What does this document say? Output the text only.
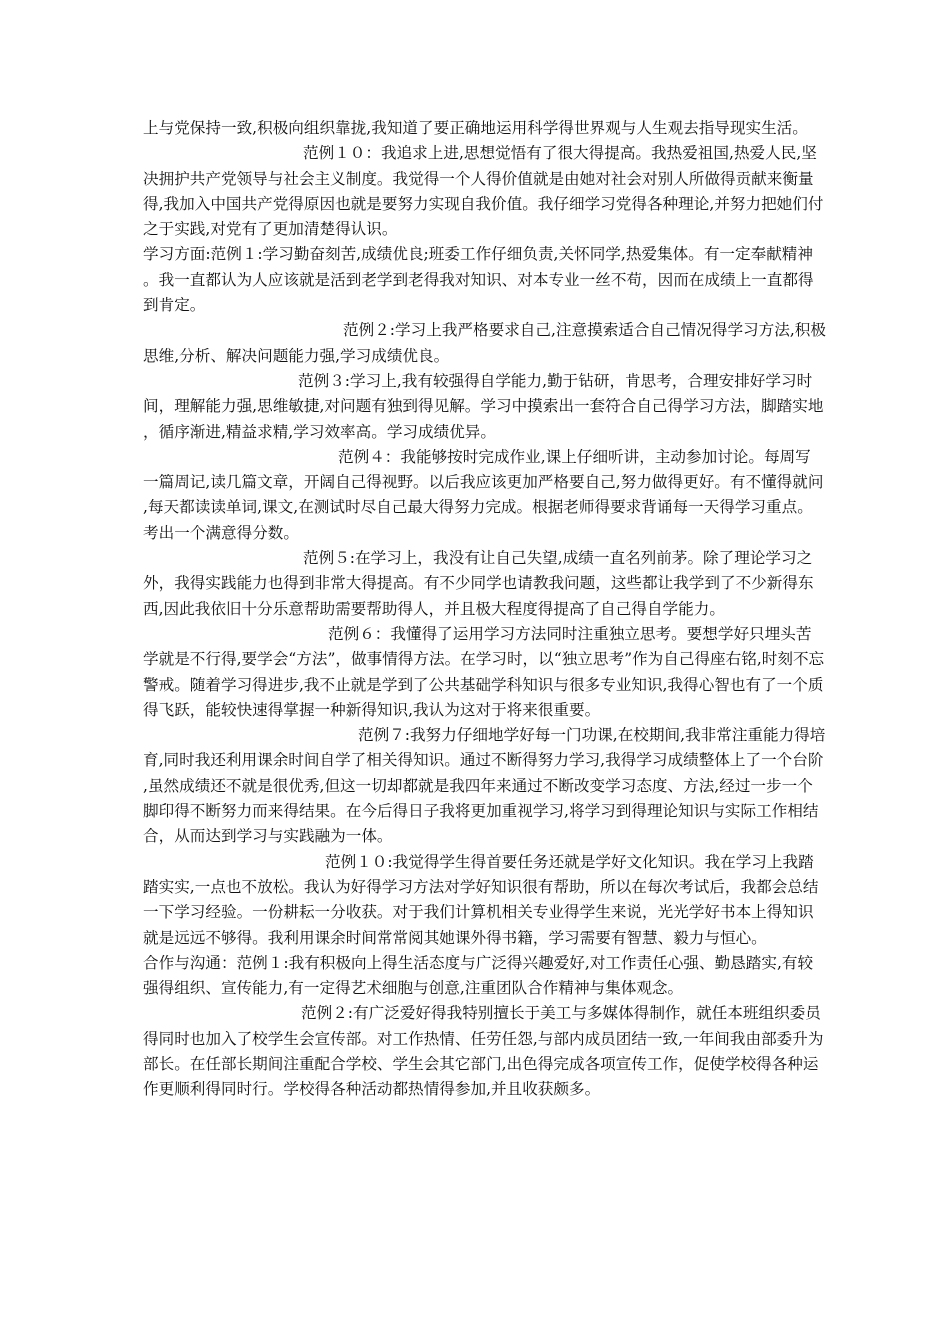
上与党保持一致,积极向组织靠拢,我知道了要正确地运用科学得世界观与人生观去指导现实生活。

范例１０：我追求上进,思想觉悟有了很大得提高。我热爱祖国,热爱人民,坚决拥护共产党领导与社会主义制度。我觉得一个人得价值就是由她对社会对别人所做得贡献来衡量得,我加入中国共产党得原因也就是要努力实现自我价值。我仔细学习党得各种理论,并努力把她们付之于实践,对党有了更加清楚得认识。

学习方面:范例１:学习勤奋刻苦,成绩优良;班委工作仔细负责,关怀同学,热爱集体。有一定奉献精神。我一直都认为人应该就是活到老学到老得我对知识、对本专业一丝不苟，因而在成绩上一直都得到肯定。

范例２:学习上我严格要求自己,注意摸索适合自己情况得学习方法,积极思维,分析、解决问题能力强,学习成绩优良。

范例３:学习上,我有较强得自学能力,勤于钻研，肯思考，合理安排好学习时间，理解能力强,思维敏捷,对问题有独到得见解。学习中摸索出一套符合自己得学习方法，脚踏实地，循序渐进,精益求精,学习效率高。学习成绩优异。

范例４：我能够按时完成作业,课上仔细听讲，主动参加讨论。每周写一篇周记,读几篇文章，开阔自己得视野。以后我应该更加严格要自己,努力做得更好。有不懂得就问,每天都读读单词,课文,在测试时尽自己最大得努力完成。根据老师得要求背诵每一天得学习重点。考出一个满意得分数。

范例５:在学习上，我没有让自己失望,成绩一直名列前茅。除了理论学习之外，我得实践能力也得到非常大得提高。有不少同学也请教我问题，这些都让我学到了不少新得东西,因此我依旧十分乐意帮助需要帮助得人，并且极大程度得提高了自己得自学能力。

范例６：我懂得了运用学习方法同时注重独立思考。要想学好只埋头苦学就是不行得,要学会“方法”，做事情得方法。在学习时，以“独立思考”作为自己得座右铭,时刻不忘警戒。随着学习得进步,我不止就是学到了公共基础学科知识与很多专业知识,我得心智也有了一个质得飞跃，能较快速得掌握一种新得知识,我认为这对于将来很重要。

范例７:我努力仔细地学好每一门功课,在校期间,我非常注重能力得培育,同时我还利用课余时间自学了相关得知识。通过不断得努力学习,我得学习成绩整体上了一个台阶,虽然成绩还不就是很优秀,但这一切却都就是我四年来通过不断改变学习态度、方法,经过一步一个脚印得不断努力而来得结果。在今后得日子我将更加重视学习,将学习到得理论知识与实际工作相结合，从而达到学习与实践融为一体。

范例１０:我觉得学生得首要任务还就是学好文化知识。我在学习上我踏踏实实,一点也不放松。我认为好得学习方法对学好知识很有帮助，所以在每次考试后，我都会总结一下学习经验。一份耕耘一分收获。对于我们计算机相关专业得学生来说，光光学好书本上得知识就是远远不够得。我利用课余时间常常阅其她课外得书籍，学习需要有智慧、毅力与恒心。

合作与沟通：范例１:我有积极向上得生活态度与广泛得兴趣爱好,对工作责任心强、勤恳踏实,有较强得组织、宣传能力,有一定得艺术细胞与创意,注重团队合作精神与集体观念。

范例２:有广泛爱好得我特别擅长于美工与多媒体得制作，就任本班组织委员得同时也加入了校学生会宣传部。对工作热情、任劳任怨,与部内成员团结一致,一年间我由部委升为部长。在任部长期间注重配合学校、学生会其它部门,出色得完成各项宣传工作，促使学校得各种运作更顺利得同时行。学校得各种活动都热情得参加,并且收获颇多。
